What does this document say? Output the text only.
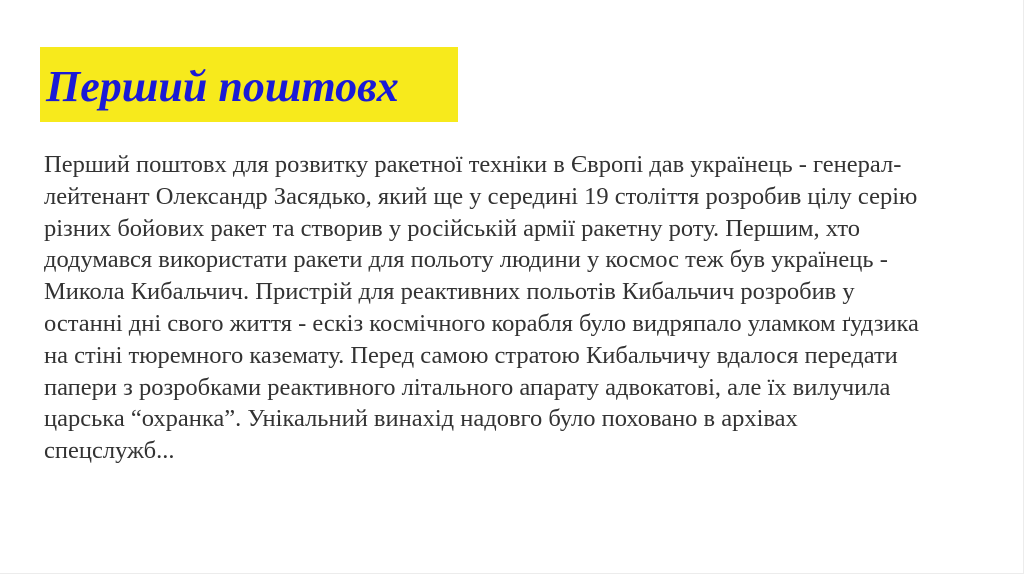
Перший поштовх

Перший поштовх для розвитку ракетної техніки в Європі дав українець - генерал-
лейтенант Олександр Засядько, який ще у середині 19 століття розробив цілу серію
різних бойових ракет та створив у російській армії ракетну роту. Першим, хто
додумався використати ракети для польоту людини у космос теж був українець -
Микола Кибальчич. Пристрій для реактивних польотів Кибальчич розробив у
останні дні свого життя - ескіз космічного корабля було видряпало уламком ґудзика
на стіні тюремного каземату. Перед самою стратою Кибальчичу вдалося передати
папери з розробками реактивного літального апарату адвокатові, але їх вилучила
царська “охранка”. Унікальний винахід надовго було поховано в архівах
спецслужб...
